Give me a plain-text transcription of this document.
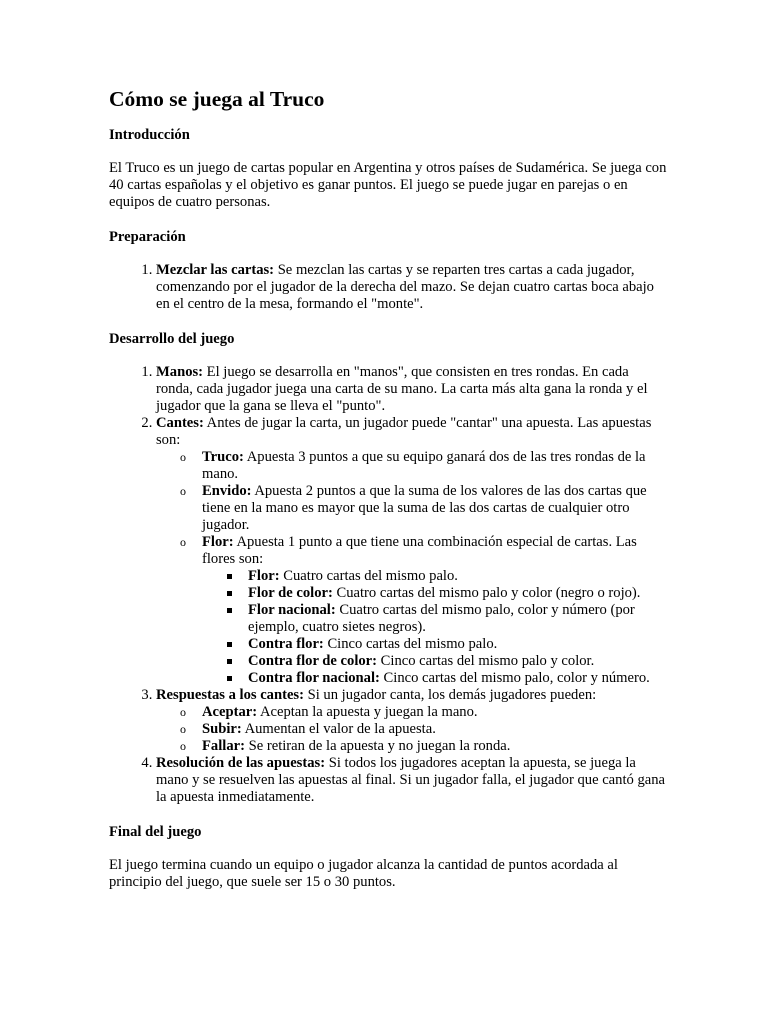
Cómo se juega al Truco
Introducción

El Truco es un juego de cartas popular en Argentina y otros países de Sudamérica. Se juega con 40 cartas españolas y el objetivo es ganar puntos. El juego se puede jugar en parejas o en equipos de cuatro personas.

Preparación
1. Mezclar las cartas: Se mezclan las cartas y se reparten tres cartas a cada jugador, comenzando por el jugador de la derecha del mazo. Se dejan cuatro cartas boca abajo en el centro de la mesa, formando el "monte".
Desarrollo del juego
1. Manos: El juego se desarrolla en "manos", que consisten en tres rondas. En cada ronda, cada jugador juega una carta de su mano. La carta más alta gana la ronda y el jugador que la gana se lleva el "punto".
2. Cantes: Antes de jugar la carta, un jugador puede "cantar" una apuesta. Las apuestas son:
o Truco: Apuesta 3 puntos a que su equipo ganará dos de las tres rondas de la mano.
o Envido: Apuesta 2 puntos a que la suma de los valores de las dos cartas que tiene en la mano es mayor que la suma de las dos cartas de cualquier otro jugador.
o Flor: Apuesta 1 punto a que tiene una combinación especial de cartas. Las flores son:
Flor: Cuatro cartas del mismo palo.
Flor de color: Cuatro cartas del mismo palo y color (negro o rojo).
Flor nacional: Cuatro cartas del mismo palo, color y número (por ejemplo, cuatro sietes negros).
Contra flor: Cinco cartas del mismo palo.
Contra flor de color: Cinco cartas del mismo palo y color.
Contra flor nacional: Cinco cartas del mismo palo, color y número.
3. Respuestas a los cantes: Si un jugador canta, los demás jugadores pueden:
o Aceptar: Aceptan la apuesta y juegan la mano.
o Subir: Aumentan el valor de la apuesta.
o Fallar: Se retiran de la apuesta y no juegan la ronda.
4. Resolución de las apuestas: Si todos los jugadores aceptan la apuesta, se juega la mano y se resuelven las apuestas al final. Si un jugador falla, el jugador que cantó gana la apuesta inmediatamente.
Final del juego

El juego termina cuando un equipo o jugador alcanza la cantidad de puntos acordada al principio del juego, que suele ser 15 o 30 puntos.
